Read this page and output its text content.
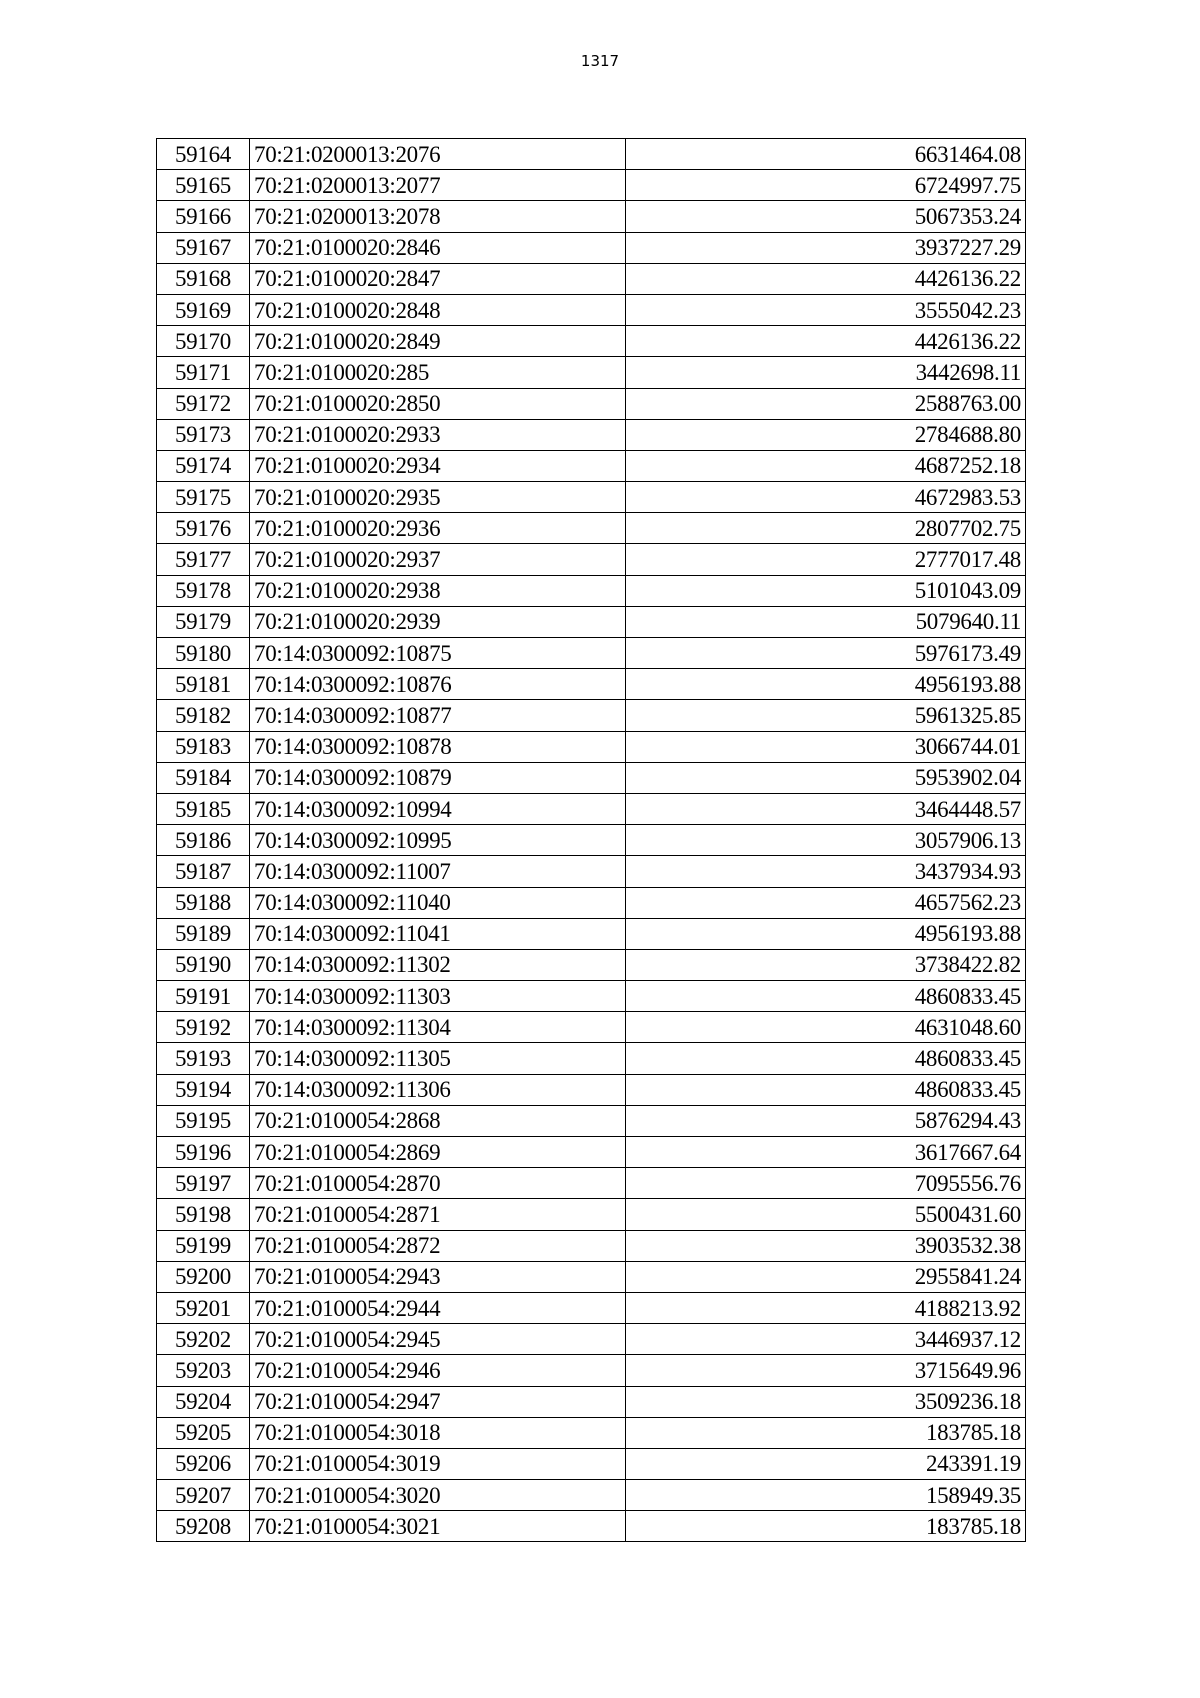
1317
59164	70:21:0200013:2076	6631464.08
59165	70:21:0200013:2077	6724997.75
59166	70:21:0200013:2078	5067353.24
59167	70:21:0100020:2846	3937227.29
59168	70:21:0100020:2847	4426136.22
59169	70:21:0100020:2848	3555042.23
59170	70:21:0100020:2849	4426136.22
59171	70:21:0100020:285	3442698.11
59172	70:21:0100020:2850	2588763.00
59173	70:21:0100020:2933	2784688.80
59174	70:21:0100020:2934	4687252.18
59175	70:21:0100020:2935	4672983.53
59176	70:21:0100020:2936	2807702.75
59177	70:21:0100020:2937	2777017.48
59178	70:21:0100020:2938	5101043.09
59179	70:21:0100020:2939	5079640.11
59180	70:14:0300092:10875	5976173.49
59181	70:14:0300092:10876	4956193.88
59182	70:14:0300092:10877	5961325.85
59183	70:14:0300092:10878	3066744.01
59184	70:14:0300092:10879	5953902.04
59185	70:14:0300092:10994	3464448.57
59186	70:14:0300092:10995	3057906.13
59187	70:14:0300092:11007	3437934.93
59188	70:14:0300092:11040	4657562.23
59189	70:14:0300092:11041	4956193.88
59190	70:14:0300092:11302	3738422.82
59191	70:14:0300092:11303	4860833.45
59192	70:14:0300092:11304	4631048.60
59193	70:14:0300092:11305	4860833.45
59194	70:14:0300092:11306	4860833.45
59195	70:21:0100054:2868	5876294.43
59196	70:21:0100054:2869	3617667.64
59197	70:21:0100054:2870	7095556.76
59198	70:21:0100054:2871	5500431.60
59199	70:21:0100054:2872	3903532.38
59200	70:21:0100054:2943	2955841.24
59201	70:21:0100054:2944	4188213.92
59202	70:21:0100054:2945	3446937.12
59203	70:21:0100054:2946	3715649.96
59204	70:21:0100054:2947	3509236.18
59205	70:21:0100054:3018	183785.18
59206	70:21:0100054:3019	243391.19
59207	70:21:0100054:3020	158949.35
59208	70:21:0100054:3021	183785.18
